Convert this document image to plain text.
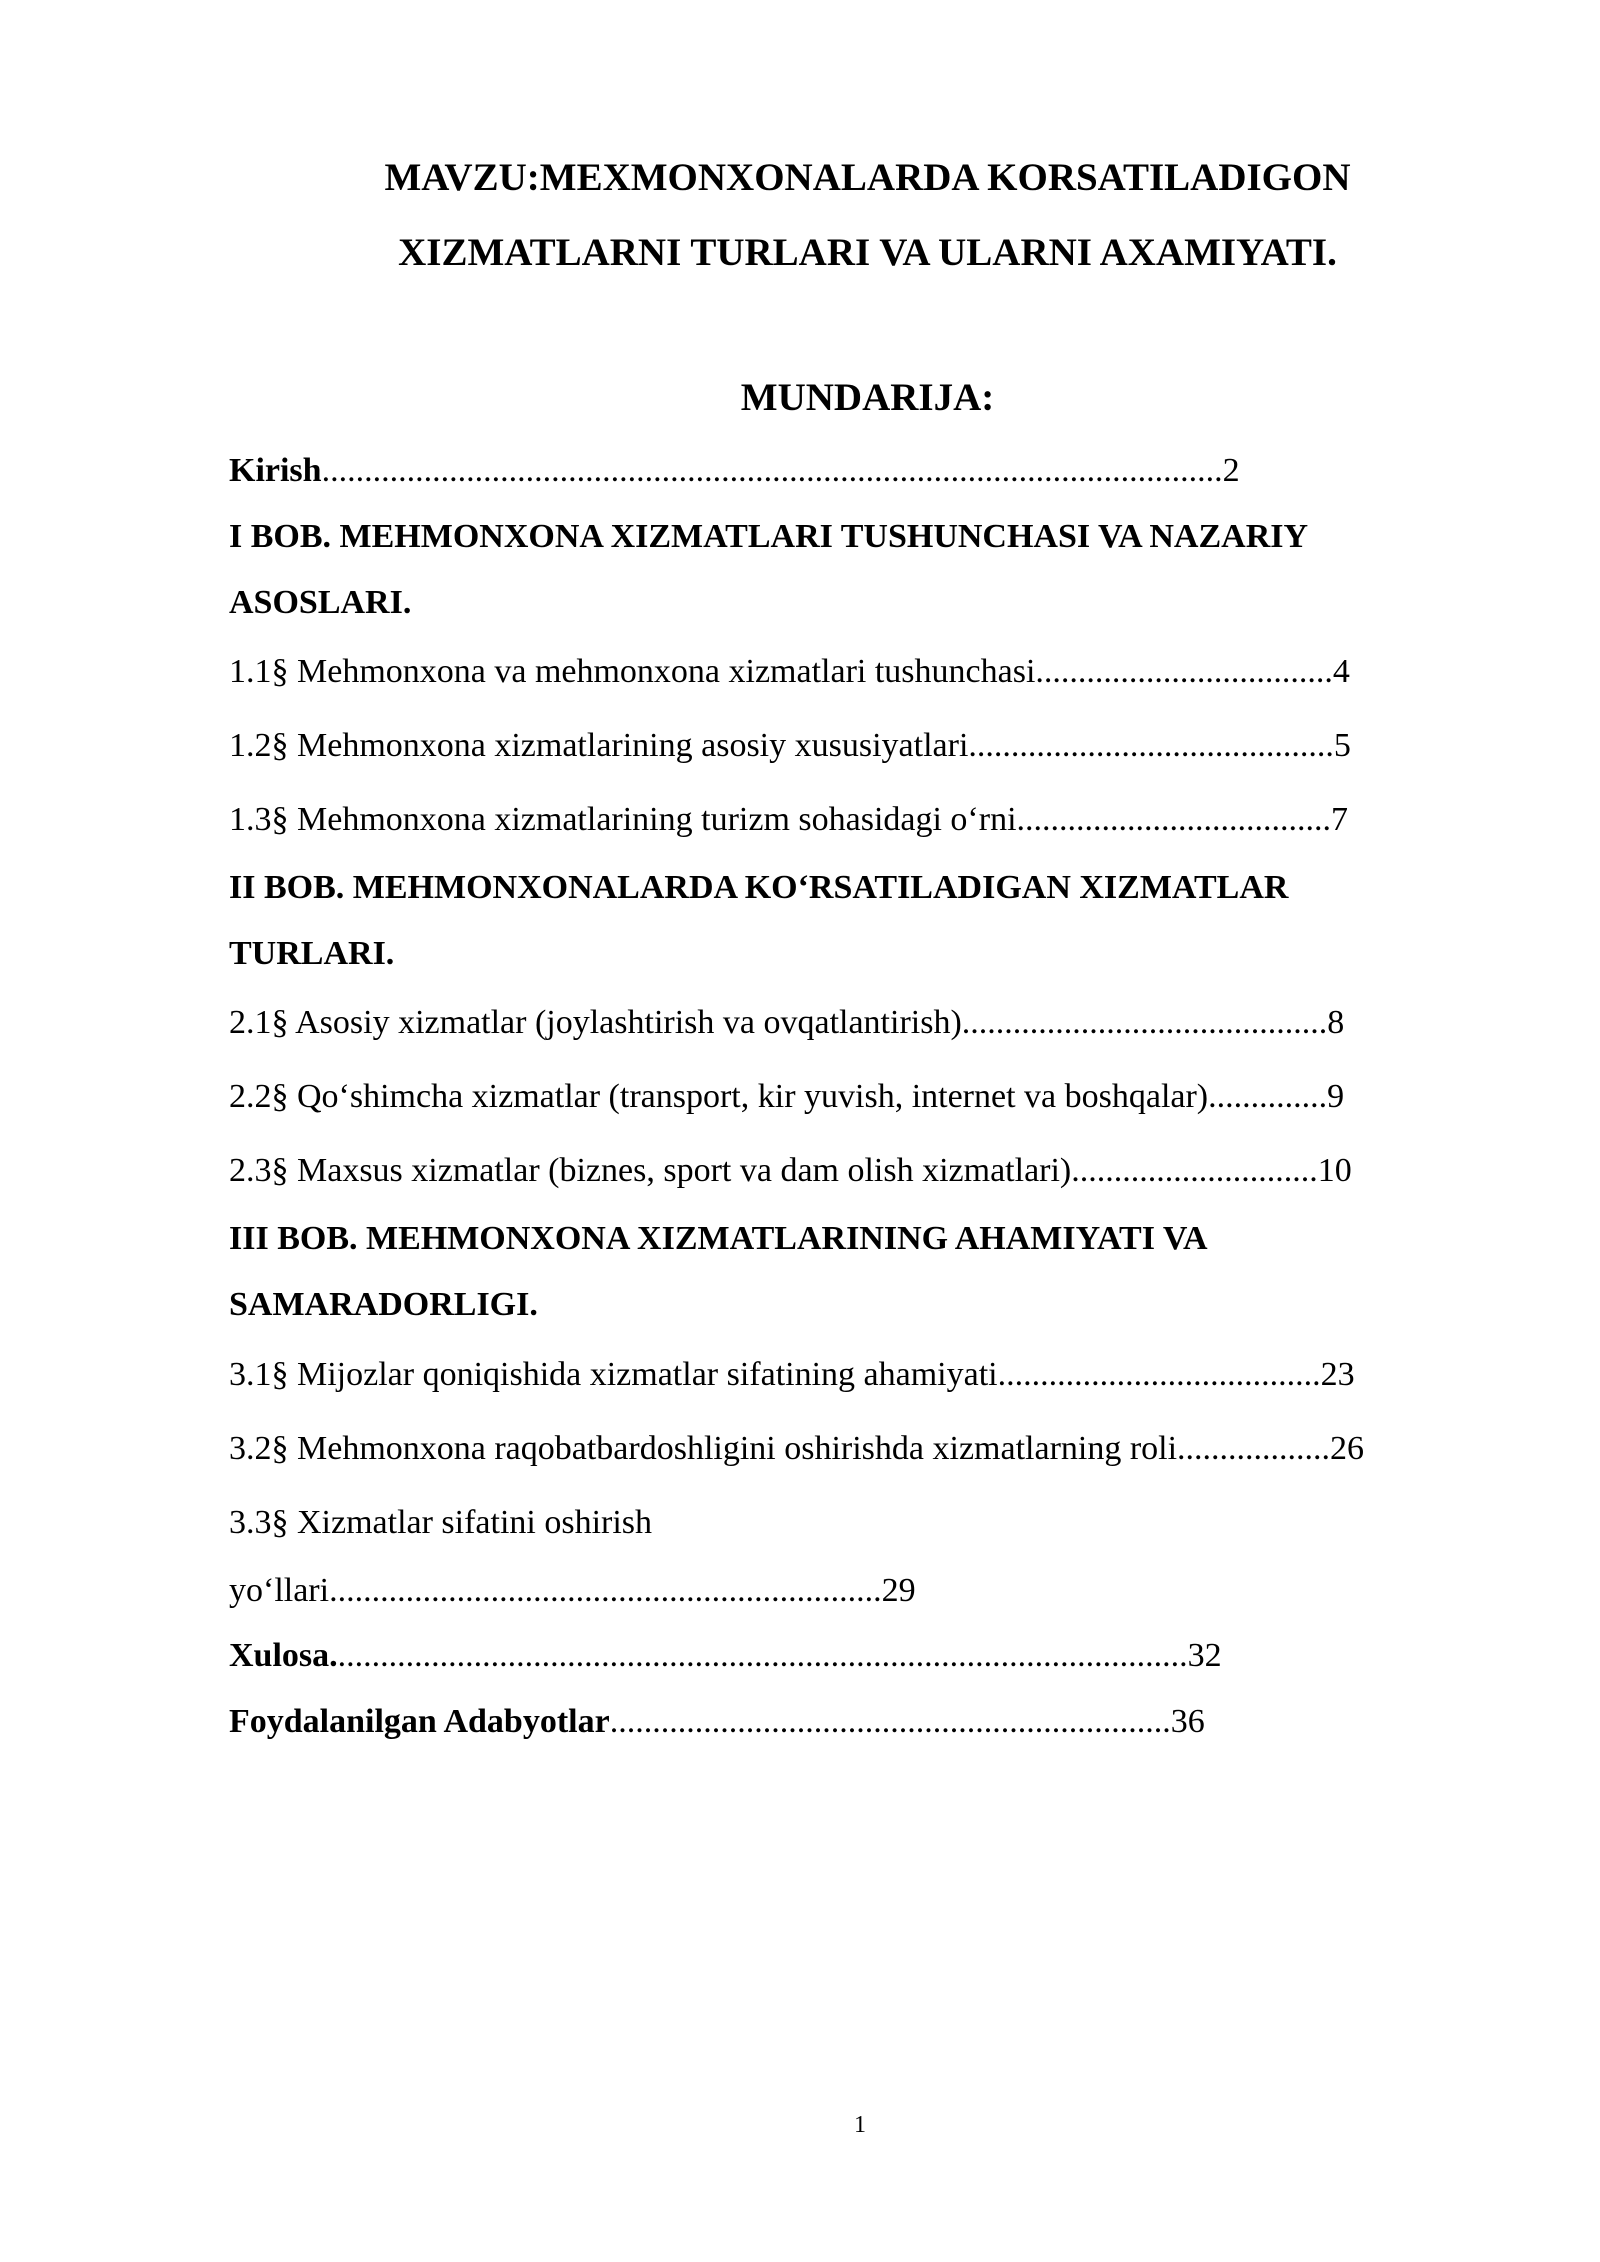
MAVZU:MEXMONXONALARDA KORSATILADIGON
XIZMATLARNI TURLARI VA ULARNI AXAMIYATI.
MUNDARIJA:
Kirish..........................................................................................................2
I BOB. MEHMONXONA XIZMATLARI TUSHUNCHASI VA NAZARIY
ASOSLARI.
1.1§ Mehmonxona va mehmonxona xizmatlari tushunchasi...................................4
1.2§ Mehmonxona xizmatlarining asosiy xususiyatlari...........................................5
1.3§ Mehmonxona xizmatlarining turizm sohasidagi o‘rni.....................................7
II BOB. MEHMONXONALARDA KO‘RSATILADIGAN XIZMATLAR
TURLARI.
2.1§ Asosiy xizmatlar (joylashtirish va ovqatlantirish)...........................................8
2.2§ Qo‘shimcha xizmatlar (transport, kir yuvish, internet va boshqalar)..............9
2.3§ Maxsus xizmatlar (biznes, sport va dam olish xizmatlari).............................10
III BOB. MEHMONXONA XIZMATLARINING AHAMIYATI VA
SAMARADORLIGI.
3.1§ Mijozlar qoniqishida xizmatlar sifatining ahamiyati......................................23
3.2§ Mehmonxona raqobatbardoshligini oshirishda xizmatlarning roli..................26
3.3§ Xizmatlar sifatini oshirish
yo‘llari.................................................................29
Xulosa.....................................................................................................32
Foydalanilgan Adabyotlar..................................................................36
1
